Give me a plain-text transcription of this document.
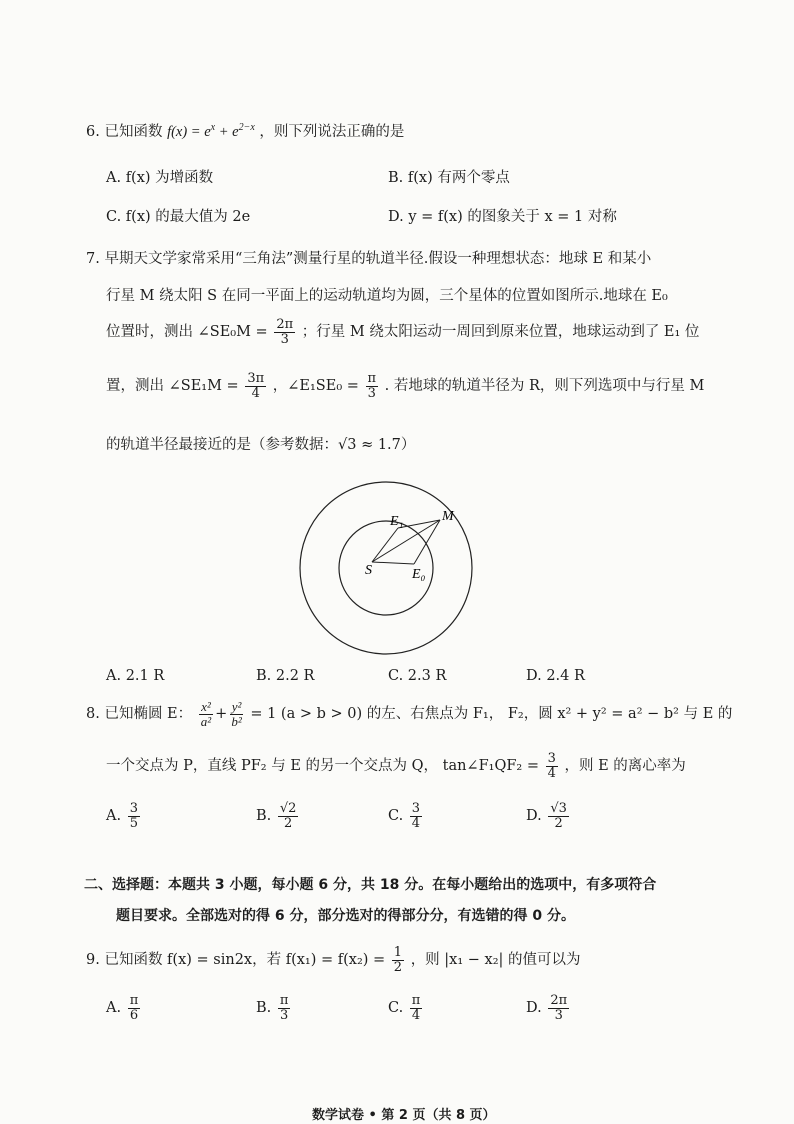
6. 已知函数 $f(x) = e^x + e^{2-x}$ ，则下列说法正确的是
A. f(x) 为增函数	B. f(x) 有两个零点
C. f(x) 的最大值为 2e	D. y = f(x) 的图象关于 x = 1 对称
7. 早期天文学家常采用“三角法”测量行星的轨道半径.假设一种理想状态：地球 E 和某小
行星 M 绕太阳 S 在同一平面上的运动轨道均为圆，三个星体的位置如图所示.地球在 E₀
位置时，测出 ∠SE₀M = $\frac{2\pi}{3}$ ；行星 M 绕太阳运动一周回到原来位置，地球运动到了 E₁ 位
置，测出 ∠SE₁M = $\frac{3\pi}{4}$ ，∠E₁SE₀ = $\frac{\pi}{3}$ . 若地球的轨道半径为 R，则下列选项中与行星 M
的轨道半径最接近的是（参考数据：√3 ≈ 1.7）
E₁	M
S	E₀
A. 2.1 R	B. 2.2 R	C. 2.3 R	D. 2.4 R
8. 已知椭圆 E： $\frac{\text{x²}}{\text{a²}} + \frac{\text{y²}}{\text{b²}} = 1$ (a > b > 0) 的左、右焦点为 F₁， F₂，圆 x² + y² = a² − b² 与 E 的
一个交点为 P，直线 PF₂ 与 E 的另一个交点为 Q， tan∠F₁QF₂ = $\frac{3}{4}$ ，则 E 的离心率为
A. $\frac{3}{5}$	B. $\frac{√2}{2}$	C. $\frac{3}{4}$	D. $\frac{√3}{2}$
二、选择题：本题共 3 小题，每小题 6 分，共 18 分。在每小题给出的选项中，有多项符合
题目要求。全部选对的得 6 分，部分选对的得部分分，有选错的得 0 分。
9. 已知函数 f(x) = sin2x，若 $f(x_1) = f(x_2) = \frac{1}{2}$ ，则 |x₁ − x₂| 的值可以为
A. $\frac{\pi}{6}$	B. $\frac{\pi}{3}$	C. $\frac{\pi}{4}$	D. $\frac{2\pi}{3}$
数学试卷 • 第 2 页（共 8 页）
